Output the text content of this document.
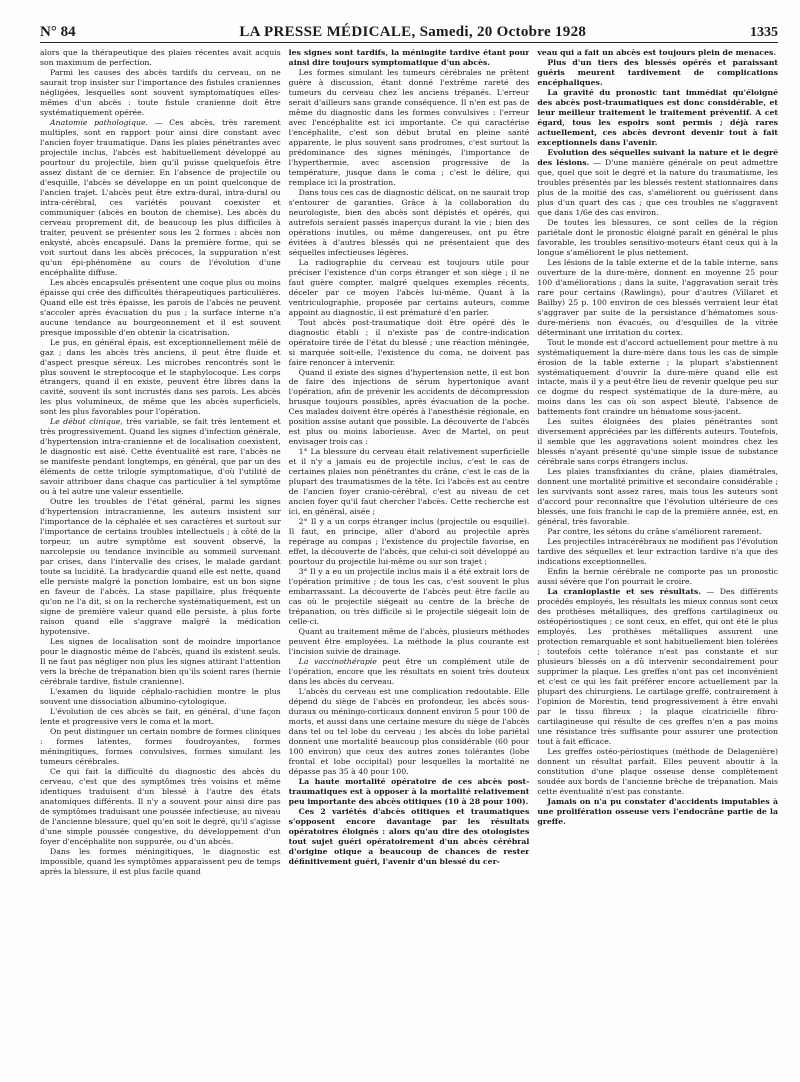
N° 84	LA PRESSE MÉDICALE, Samedi, 20 Octobre 1928	1335

alors que la thérapeutique des plaies récentes avait acquis son maximum de perfection.

Parmi les causes des abcès tardifs du cerveau, on ne saurait trop insister sur l'importance des fistules craniennes négligées, lesquelles sont souvent symptomatiques elles-mêmes d'un abcès : toute fistule cranienne doit être systématiquement opérée.

Anatomie pathologique. — Ces abcès, très rarement multiples, sont en rapport pour ainsi dire constant avec l'ancien foyer traumatique. Dans les plaies pénétrantes avec projectile inclus, l'abcès est habituellement développé au pourtour du projectile, bien qu'il puisse quelquefois être assez distant de ce dernier. En l'absence de projectile ou d'esquille, l'abcès se développe en un point quelconque de l'ancien trajet. L'abcès peut être extra-dural, intra-dural ou intra-cérébral, ces variétés pouvant coexister et communiquer (abcès en bouton de chemise). Les abcès du cerveau proprement dit, de beaucoup les plus difficiles à traiter, peuvent se présenter sous les 2 formes : abcès non enkysté, abcès encapsulé. Dans la première forme, qui se voit surtout dans les abcès précoces, la suppuration n'est qu'un épi-phénomène au cours de l'évolution d'une encéphalite diffuse.

Les abcès encapsulés présentent une coque plus ou moins épaisse qui crée des difficultés thérapeutiques particulières. Quand elle est très épaisse, les parois de l'abcès ne peuvent s'accoler après évacuation du pus ; la surface interne n'a aucune tendance au bourgeonnement et il est souvent presque impossible d'en obtenir la cicatrisation.

Le pus, en général épais, est exceptionnellement mêlé de gaz ; dans les abcès très anciens, il peut être fluide et d'aspect presque séreux. Les microbes rencontrés sont le plus souvent le streptocoque et le staphylocoque. Les corps étrangers, quand il en existe, peuvent être libres dans la cavité, souvent ils sont incrustés dans ses parois. Les abcès les plus volumineux, de même que les abcès superficiels, sont les plus favorables pour l'opération.

Le début clinique, très variable, se fait très lentement et très progressivement. Quand les signes d'infection générale, d'hypertension intra-cranienne et de localisation coexistent, le diagnostic est aisé. Cette éventualité est rare, l'abcès ne se manifeste pendant longtemps, en général, que par un des éléments de cette trilogie symptomatique, d'où l'utilité de savoir attribuer dans chaque cas particulier à tel symptôme ou à tel autre une valeur essentielle.

Outre les troubles de l'état général, parmi les signes d'hypertension intracranienne, les auteurs insistent sur l'importance de la céphalée et ses caractères et surtout sur l'importance de certains troubles intellectuels ; à côté de la torpeur, un autre symptôme est souvent observé, la narcolepsie ou tendance invincible au sommeil survenant par crises, dans l'intervalle des crises, le malade gardant toute sa lucidité. La bradycardie quand elle est nette, quand elle persiste malgré la ponction lombaire, est un bon signe en faveur de l'abcès. La stase papillaire, plus fréquente qu'on ne l'a dit, si on la recherche systématiquement, est un signe de première valeur quand elle persiste, à plus forte raison quand elle s'aggrave malgré la médication hypotensive.

Les signes de localisation sont de moindre importance pour le diagnostic même de l'abcès, quand ils existent seuls. Il ne faut pas négliger non plus les signes attirant l'attention vers la brèche de trépanation bien qu'ils soient rares (hernie cérébrale tardive, fistule cranienne).

L'examen du liquide céphalo-rachidien montre le plus souvent une dissociation albumino-cytologique.

L'évolution de ces abcès se fait, en général, d'une façon lente et progressive vers le coma et la mort.

On peut distinguer un certain nombre de formes cliniques : formes latentes, formes foudroyantes, formes méningitiques, formes convulsives, formes simulant les tumeurs cérébrales.

Ce qui fait la difficulté du diagnostic des abcès du cerveau, c'est que des symptômes très voisins et même identiques traduisent d'un blessé à l'autre des états anatomiques différents. Il n'y a souvent pour ainsi dire pas de symptômes traduisant une poussée infectieuse, au niveau de l'ancienne blessure, quel qu'en soit le degré, qu'il s'agisse d'une simple poussée congestive, du développement d'un foyer d'encéphalite non suppurée, ou d'un abcès.

Dans les formes méningitiques, le diagnostic est impossible, quand les symptômes apparaissent peu de temps après la blessure, il est plus facile quand

les signes sont tardifs, la méningite tardive étant pour ainsi dire toujours symptomatique d'un abcès.

Les formes simulant les tumeurs cérébrales ne prêtent guère à discussion, étant donné l'extrême rareté des tumeurs du cerveau chez les anciens trépanés. L'erreur serait d'ailleurs sans grande conséquence. Il n'en est pas de même du diagnostic dans les formes convulsives : l'erreur avec l'encéphalite est ici importante. Ce qui caractérise l'encéphalite, c'est son début brutal en pleine santé apparente, le plus souvent sans prodromes, c'est surtout la prédominance des signes méningés, l'importance de l'hyperthermie, avec ascension progressive de la température, jusque dans le coma ; c'est le délire, qui remplace ici la prostration.

Dans tous ces cas de diagnostic délicat, on ne saurait trop s'entourer de garanties. Grâce à la collaboration du neurologiste, bien des abcès sont dépistés et opérés, qui autrefois seraient passés inaperçus durant la vie ; bien des opérations inutiles, ou même dangereuses, ont pu être évitées à d'autres blessés qui ne présentaient que des séquelles infectieuses légères.

La radiographie du cerveau est toujours utile pour préciser l'existence d'un corps étranger et son siège ; il ne faut guère compter, malgré quelques exemples récents, déceler par ce moyen l'abcès lui-même. Quant à la ventriculographie, proposée par certains auteurs, comme appoint au diagnostic, il est prématuré d'en parler.

Tout abcès post-traumatique doit être opéré dès le diagnostic établi ; il n'existe pas de contre-indication opératoire tirée de l'état du blessé ; une réaction méningée, si marquée soit-elle, l'existence du coma, ne doivent pas faire renoncer à intervenir.

Quand il existe des signes d'hypertension nette, il est bon de faire des injections de sérum hypertonique avant l'opération, afin de prévenir les accidents de décompression brusque toujours possibles, après évacuation de la poche. Ces malades doivent être opérés à l'anesthésie régionale, en position assise autant que possible. La découverte de l'abcès est plus ou moins laborieuse. Avec de Martel, on peut envisager trois cas :

1° La blessure du cerveau était relativement superficielle et il n'y a jamais eu de projectile inclus, c'est le cas de certaines plaies non pénétrantes du crâne, c'est le cas de la plupart des traumatismes de la tête. Ici l'abcès est au centre de l'ancien foyer cranio-cérébral, c'est au niveau de cet ancien foyer qu'il faut chercher l'abcès. Cette recherche est ici, en général, aisée ;

2° Il y a un corps étranger inclus (projectile ou esquille). Il faut, en principe, aller d'abord au projectile après repérage au compas ; l'existence du projectile favorise, en effet, la découverte de l'abcès, que celui-ci soit développé au pourtour du projectile lui-même ou sur son trajet ;

3° Il y a eu un projectile inclus mais il a été extrait lors de l'opération primitive ; de tous les cas, c'est souvent le plus embarrassant. La découverte de l'abcès peut être facile au cas où le projectile siégeait au centre de la brèche de trépanation, ou très difficile si le projectile siégeait loin de celle-ci.

Quant au traitement même de l'abcès, plusieurs méthodes peuvent être employées. La méthode la plus courante est l'incision suivie de drainage.

La vaccinothérapie peut être un complément utile de l'opération, encore que les résultats en soient très douteux dans les abcès du cerveau.

L'abcès du cerveau est une complication redoutable. Elle dépend du siège de l'abcès en profondeur, les abcès sous-duraux ou méningo-corticaux donnent environ 5 pour 100 de morts, et aussi dans une certaine mesure du siège de l'abcès dans tel ou tel lobe du cerveau ; les abcès du lobe pariétal donnent une mortalité beaucoup plus considérable (60 pour 100 environ) que ceux des autres zones tolérantes (lobe frontal et lobe occipital) pour lesquelles la mortalité ne dépasse pas 35 à 40 pour 100.

La haute mortalité opératoire de ces abcès post-traumatiques est à opposer à la mortalité relativement peu importante des abcès otitiques (10 à 28 pour 100).

Ces 2 variétés d'abcès otitiques et traumatiques s'opposent encore davantage par les résultats opératoires éloignés : alors qu'au dire des otologistes tout sujet guéri opératoirement d'un abcès cérébral d'origine otique a beaucoup de chances de rester définitivement guéri, l'avenir d'un blessé du cer-

veau qui a fait un abcès est toujours plein de menaces.

Plus d'un tiers des blessés opérés et paraissant guéris meurent tardivement de complications encéphaliques.

La gravité du pronostic tant immédiat qu'éloigné des abcès post-traumatiques est donc considérable, et leur meilleur traitement le traitement préventif. A cet égard, tous les espoirs sont permis ; déjà rares actuellement, ces abcès devront devenir tout à fait exceptionnels dans l'avenir.

Evolution des séquelles suivant la nature et le degré des lésions. — D'une manière générale on peut admettre que, quel que soit le degré et la nature du traumatisme, les troubles présentés par les blessés restent stationnaires dans plus de la moitié des cas, s'améliorent ou guérissent dans plus d'un quart des cas ; que ces troubles ne s'aggravent que dans 1/6e des cas environ.

De toutes les blessures, ce sont celles de la région pariétale dont le pronostic éloigné paraît en général le plus favorable, les troubles sensitivo-moteurs étant ceux qui à la longue s'améliorent le plus nettement.

Les lésions de la table externe et de la table interne, sans ouverture de la dure-mère, donnent en moyenne 25 pour 100 d'améliorations ; dans la suite, l'aggravation serait très rare pour certains (Rawlings), pour d'autres (Villaret et Bailby) 25 p. 100 environ de ces blessés verraient leur état s'aggraver par suite de la persistance d'hématomes sous-dure-mériens non évacués, ou d'esquilles de la vitrée déterminant une irritation du cortex.

Tout le monde est d'accord actuellement pour mettre à nu systématiquement la dure-mère dans tous les cas de simple érosion de la table externe ; la plupart s'abstiennent systématiquement d'ouvrir la dure-mère quand elle est intacte, mais il y a peut-être lieu de revenir quelque peu sur ce dogme du respect systématique de la dure-mère, au moins dans les cas où son aspect bleuté, l'absence de battements font craindre un hématome sous-jacent.

Les suites éloignées des plaies pénétrantes sont diversement appréciées par les différents auteurs. Toutefois, il semble que les aggravations soient moindres chez les blessés n'ayant présenté qu'une simple issue de substance cérébrale sans corps étrangers inclus.

Les plaies transfixiantes du crâne, plaies diamétrales, donnent une mortalité primitive et secondaire considérable ; les survivants sont assez rares, mais tous les auteurs sont d'accord pour reconnaître que l'évolution ultérieure de ces blessés, une fois franchi le cap de la première année, est, en général, très favorable.

Par contre, les sétons du crâne s'améliorent rarement.

Les projectiles intracérébraux ne modifient pas l'évolution tardive des séquelles et leur extraction tardive n'a que des indications exceptionnelles.

Enfin la hernie cérébrale ne comporte pas un pronostic aussi sévère que l'on pourrait le croire.

La cranioplastie et ses résultats. — Des différents procédés employés, les résultats les mieux connus sont ceux des prothèses métalliques, des greffons cartilagineux ou ostéopériostiques ; ce sont ceux, en effet, qui ont été le plus employés. Les prothèses métalliques assurent une protection remarquable et sont habituellement bien tolérées ; toutefois cette tolérance n'est pas constante et sur plusieurs blessés on a dû intervenir secondairement pour supprimer la plaque. Les greffes n'ont pas cet inconvénient et c'est ce qui les fait préférer encore actuellement par la plupart des chirurgiens. Le cartilage greffé, contrairement à l'opinion de Morestin, tend progressivement à être envahi par le tissu fibreux ; la plaque cicatricielle fibro-cartilagineuse qui résulte de ces greffes n'en a pas moins une résistance très suffisante pour assurer une protection tout à fait efficace.

Les greffes ostéo-périostiques (méthode de Delagenière) donnent un résultat parfait. Elles peuvent aboutir à la constitution d'une plaque osseuse dense complètement soudée aux bords de l'ancienne brèche de trépanation. Mais cette éventualité n'est pas constante.

Jamais on n'a pu constater d'accidents imputables à une prolifération osseuse vers l'endocrâne partie de la greffe.
